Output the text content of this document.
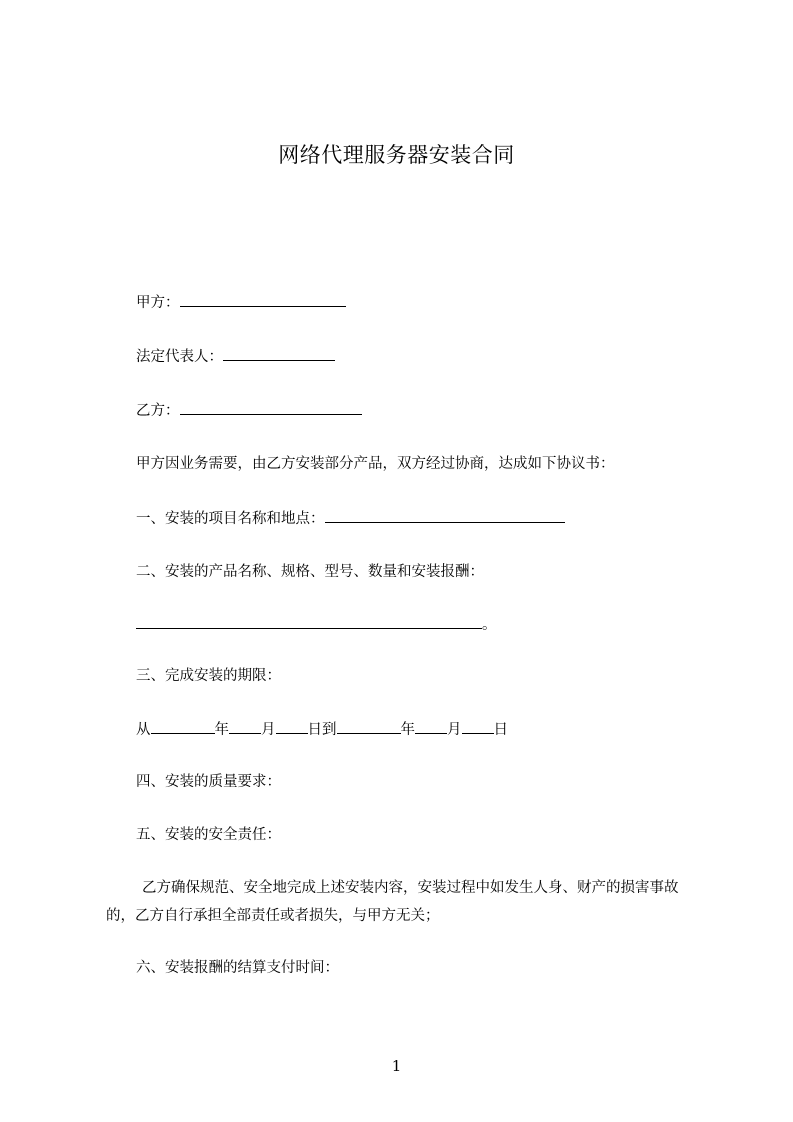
网络代理服务器安装合同
甲方：
法定代表人：
乙方：
甲方因业务需要，由乙方安装部分产品，双方经过协商，达成如下协议书：
一、安装的项目名称和地点：
二、安装的产品名称、规格、型号、数量和安装报酬：
。
三、完成安装的期限：
从	年 月 日到	年 月 日
四、安装的质量要求：
五、安装的安全责任：
乙方确保规范、安全地完成上述安装内容，安装过程中如发生人身、财产的损害事故的，乙方自行承担全部责任或者损失，与甲方无关；
六、安装报酬的结算支付时间：
1
